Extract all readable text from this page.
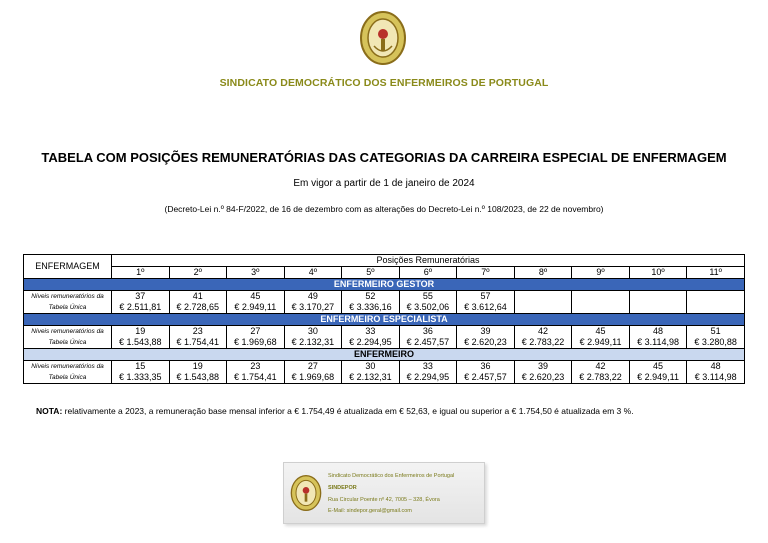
SINDICATO DEMOCRÁTICO DOS ENFERMEIROS DE PORTUGAL
TABELA COM POSIÇÕES REMUNERATÓRIAS DAS CATEGORIAS DA CARREIRA ESPECIAL DE ENFERMAGEM
Em vigor a partir de 1 de janeiro de 2024
(Decreto-Lei n.º 84-F/2022, de 16 de dezembro com as alterações do Decreto-Lei n.º 108/2023, de 22 de novembro)
ENFERMAGEM	Posições Remuneratórias										
	1º	2º	3º	4º	5º	6º	7º	8º	9º	10º	11º
ENFERMEIRO GESTOR											
Níveis remuneratórios da Tabela Única	37	41	45	49	52	55	57				
	€ 2.511,81	€ 2.728,65	€ 2.949,11	€ 3.170,27	€ 3.336,16	€ 3.502,06	€ 3.612,64				
ENFERMEIRO ESPECIALISTA											
Níveis remuneratórios da Tabela Única	19	23	27	30	33	36	39	42	45	48	51
	€ 1.543,88	€ 1.754,41	€ 1.969,68	€ 2.132,31	€ 2.294,95	€ 2.457,57	€ 2.620,23	€ 2.783,22	€ 2.949,11	€ 3.114,98	€ 3.280,88
ENFERMEIRO											
Níveis remuneratórios da Tabela Única	15	19	23	27	30	33	36	39	42	45	48
	€ 1.333,35	€ 1.543,88	€ 1.754,41	€ 1.969,68	€ 2.132,31	€ 2.294,95	€ 2.457,57	€ 2.620,23	€ 2.783,22	€ 2.949,11	€ 3.114,98
NOTA: relativamente a 2023, a remuneração base mensal inferior a € 1.754,49 é atualizada em € 52,63, e igual ou superior a € 1.754,50 é atualizada em 3 %.
Sindicato Democrático dos Enfermeiros de Portugal
SINDEPOR
Rua Circular Poente nº 42, 7005 – 328, Évora
E-Mail: sindepor.geral@gmail.com
